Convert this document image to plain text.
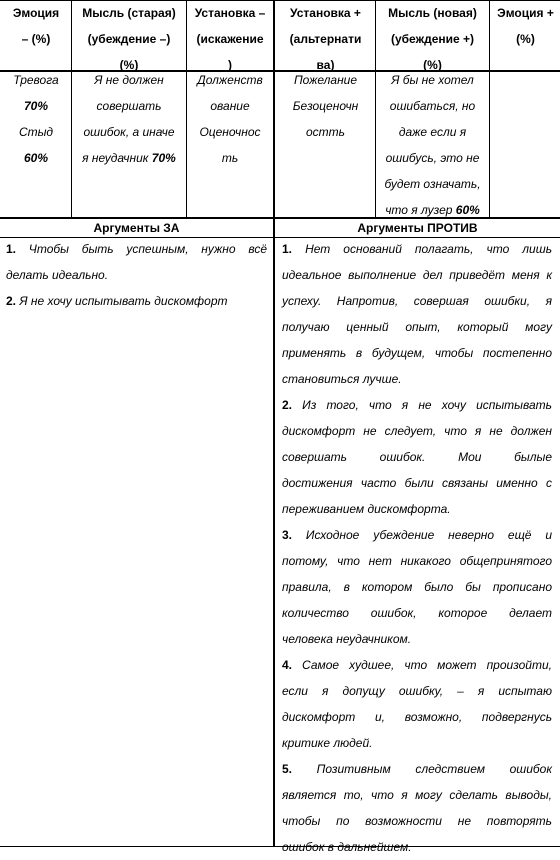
Эмоция
– (%)
Мысль (старая)
(убеждение –)
(%)
Установка –
(искажение
)
Установка +
(альтернати
ва)
Мысль (новая)
(убеждение +)
(%)
Эмоция +
(%)
Тревога
70%
Стыд
60%
Я не должен
совершать
ошибок, а иначе
я неудачник 70%
Долженств
ование
Оценочнос
ть
Пожелание
Безоценочн
остть
Я бы не хотел
ошибаться, но
даже если я
ошибусь, это не
будет означать,
что я лузер 60%
Аргументы ЗА	Аргументы ПРОТИВ
1. Чтобы быть успешным, нужно всё
делать идеально.
2. Я не хочу испытывать дискомфорт
1. Нет оснований полагать, что лишь
идеальное выполнение дел приведёт меня к
успеху. Напротив, совершая ошибки, я
получаю ценный опыт, который могу
применять в будущем, чтобы постепенно
становиться лучше.
2. Из того, что я не хочу испытывать
дискомфорт не следует, что я не должен
совершать ошибок. Мои былые
достижения часто были связаны именно с
переживанием дискомфорта.
3. Исходное убеждение неверно ещё и
потому, что нет никакого общепринятого
правила, в котором было бы прописано
количество ошибок, которое делает
человека неудачником.
4. Самое худшее, что может произойти,
если я допущу ошибку, – я испытаю
дискомфорт и, возможно, подвергнусь
критике людей.
5. Позитивным следствием ошибок
является то, что я могу сделать выводы,
чтобы по возможности не повторять
ошибок в дальнейшем.
